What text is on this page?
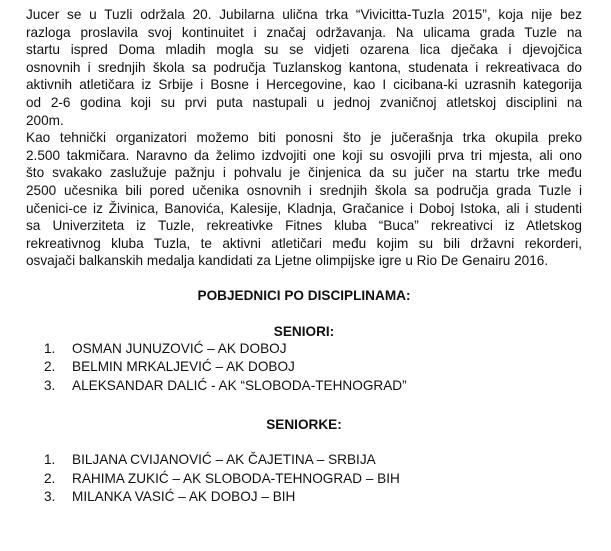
Jucer se u Tuzli održala 20. Jubilarna ulična trka “Vivicitta-Tuzla 2015”, koja nije bez
razloga proslavila svoj kontinuitet i značaj održavanja. Na ulicama grada Tuzle na
startu ispred Doma mladih mogla su se vidjeti ozarena lica dječaka i djevojčica
osnovnih i srednjih škola sa područja Tuzlanskog kantona, studenata i rekreativaca do
aktivnih atletičara iz Srbije i Bosne i Hercegovine, kao I cicibana-ki uzrasnih kategorija
od 2-6 godina koji su prvi puta nastupali u jednoj zvaničnoj atletskoj disciplini na
200m.

Kao tehnički organizatori možemo biti ponosni što je jučerašnja trka okupila preko
2.500 takmičara. Naravno da želimo izdvojiti one koji su osvojili prva tri mjesta, ali ono
što svakako zaslužuje pažnju i pohvalu je činjenica da su jučer na startu trke među
2500 učesnika bili pored učenika osnovnih i srednjih škola sa područja grada Tuzle i
učenici-ce iz Živinica, Banovića, Kalesije, Kladnja, Gračanice i Doboj Istoka, ali i studenti
sa Univerziteta iz Tuzle, rekreativke Fitnes kluba “Buca” rekreativci iz Atletskog
rekreativnog kluba Tuzla, te aktivni atletičari među kojim su bili državni rekorderi,
osvajači balkanskih medalja kandidati za Ljetne olimpijske igre u Rio De Genairu 2016.

POBJEDNICI PO DISCIPLINAMA:

SENIORI:

1.	OSMAN JUNUZOVIĆ – AK DOBOJ
2.	BELMIN MRKALJEVIĆ – AK DOBOJ
3.	ALEKSANDAR DALIĆ - AK “SLOBODA-TEHNOGRAD”

SENIORKE:

1.	BILJANA CVIJANOVIĆ – AK ČAJETINA – SRBIJA
2.	RAHIMA ZUKIĆ – AK SLOBODA-TEHNOGRAD – BIH
3.	MILANKA VASIĆ – AK DOBOJ – BIH
